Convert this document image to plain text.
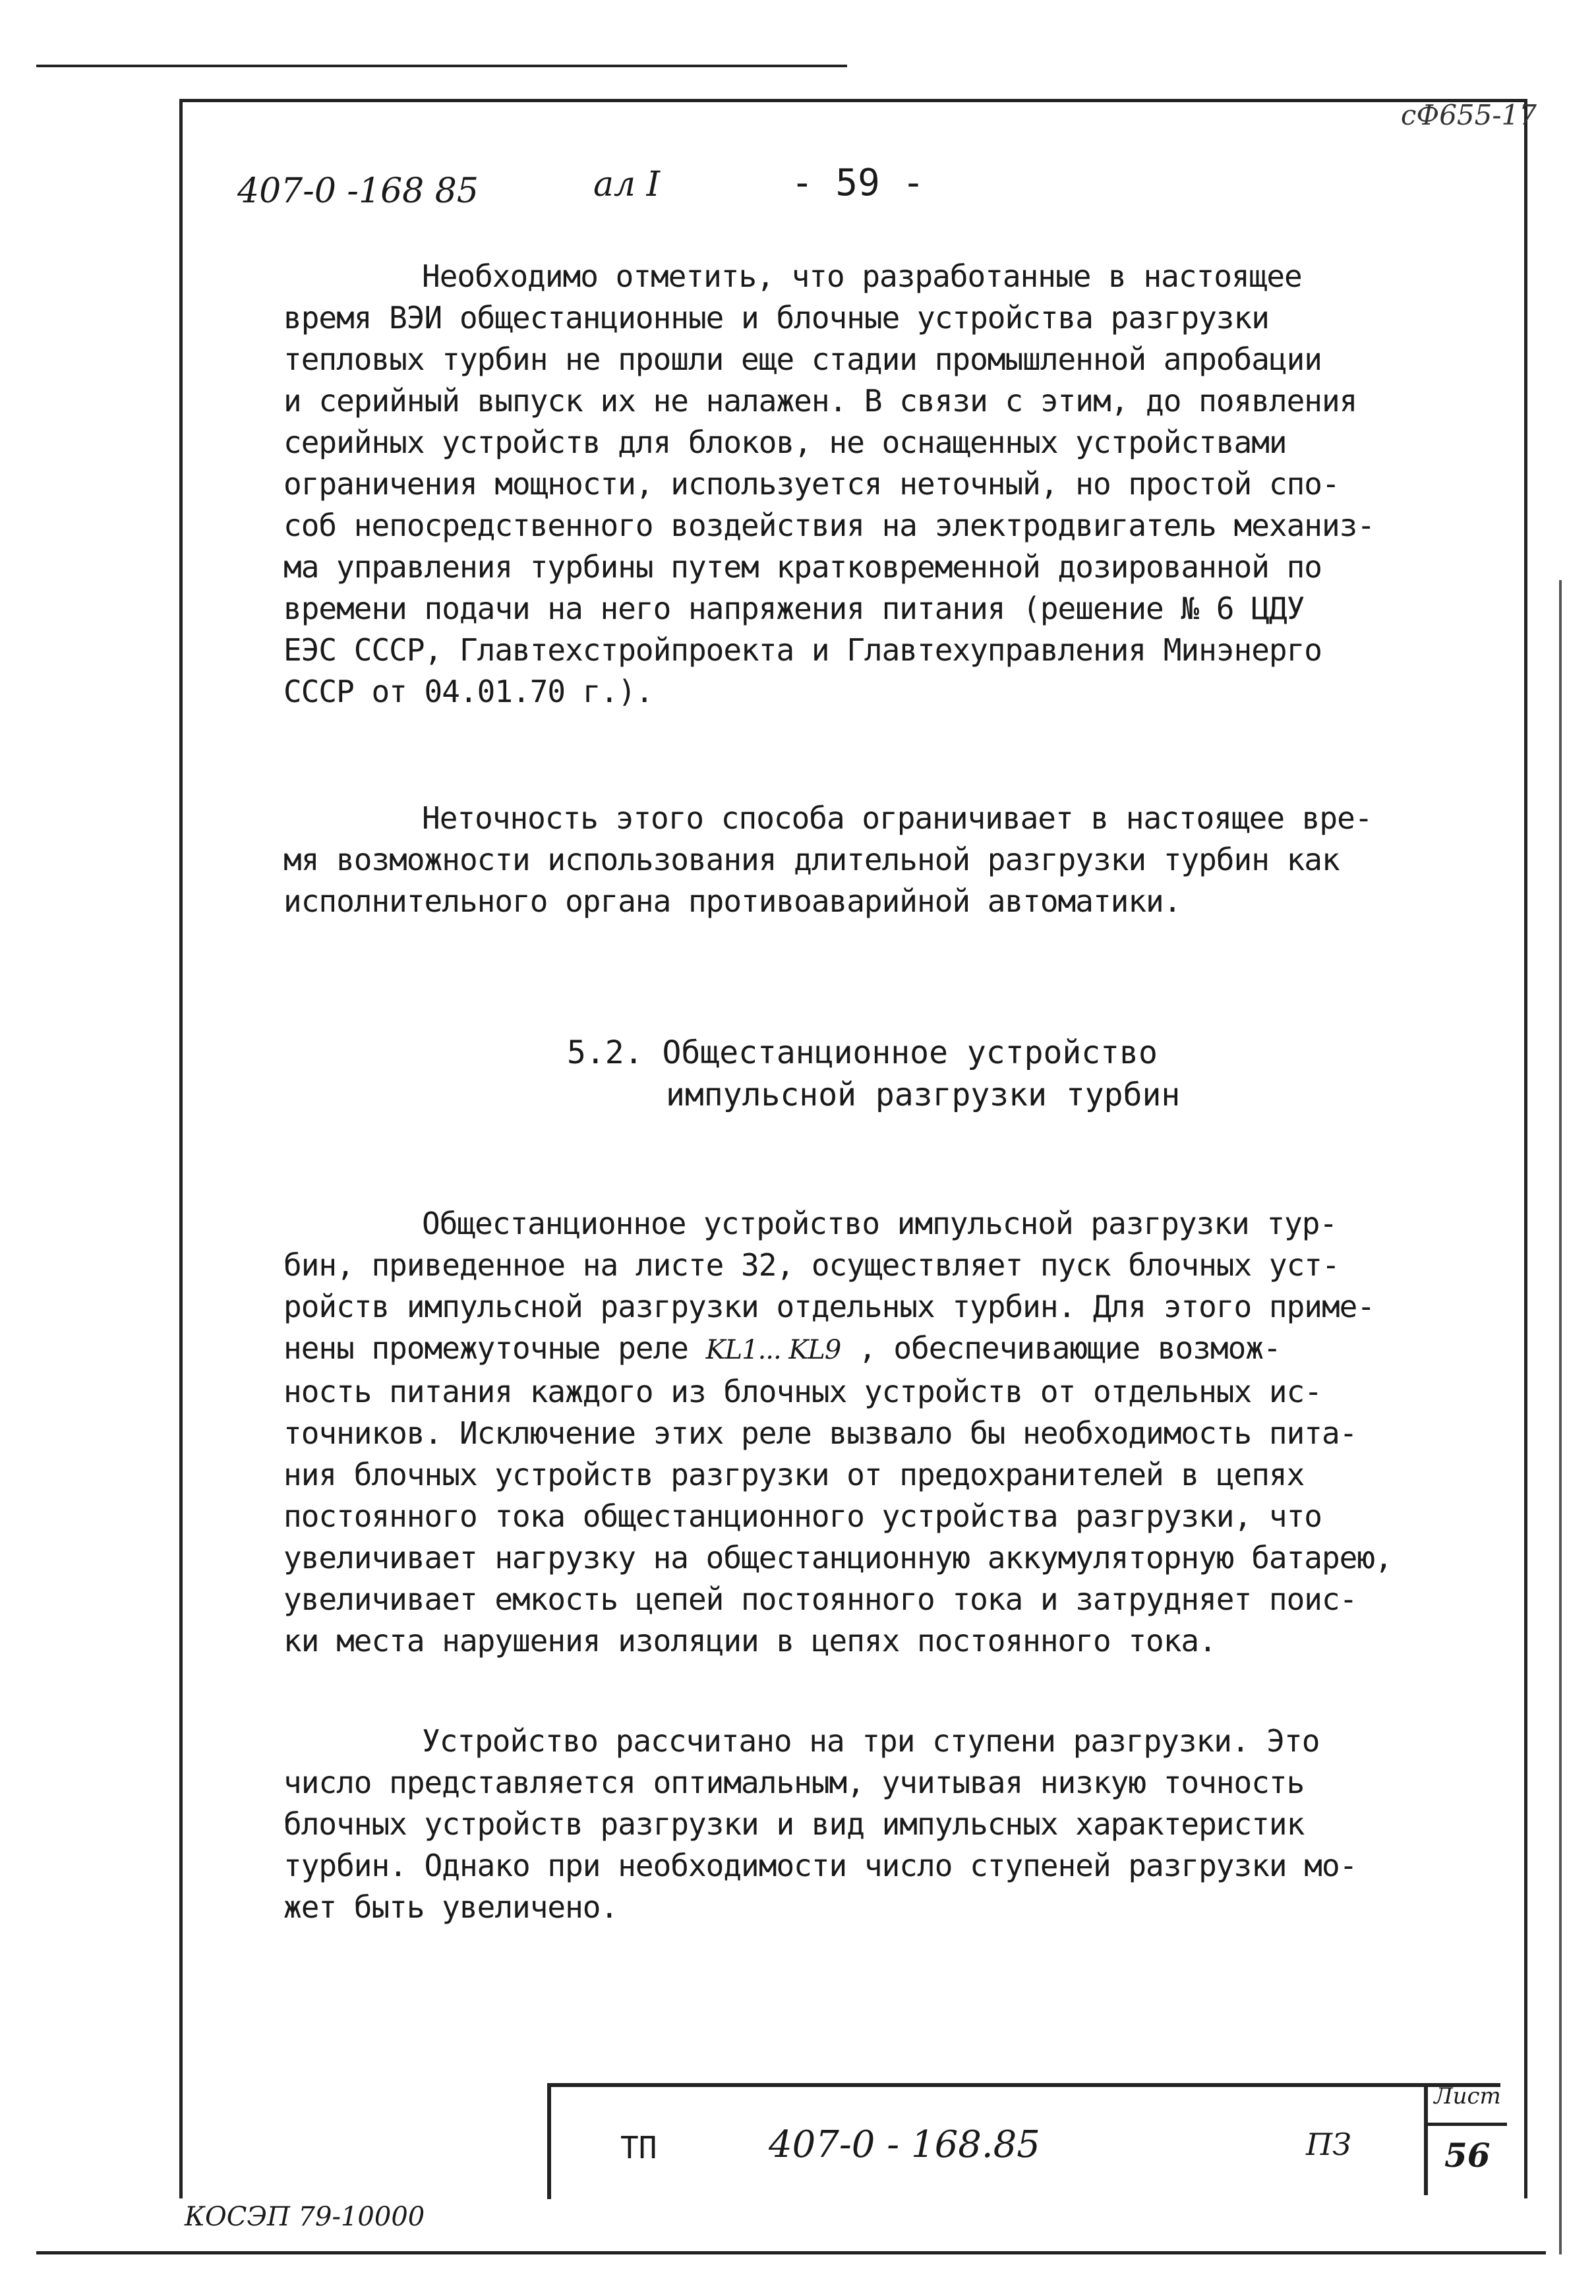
сФ655-17
407-0 -168 85	ал I	- 59 -

Необходимо отметить, что разработанные в настоящее
время ВЭИ общестанционные и блочные устройства разгрузки
тепловых турбин не прошли еще стадии промышленной апробации
и серийный выпуск их не налажен. В связи с этим, до появления
серийных устройств для блоков, не оснащенных устройствами
ограничения мощности, используется неточный, но простой спо-
соб непосредственного воздействия на электродвигатель механиз-
ма управления турбины путем кратковременной дозированной по
времени подачи на него напряжения питания (решение № 6 ЦДУ
ЕЭС СССР, Главтехстройпроекта и Главтехуправления Минэнерго
СССР от 04.01.70 г.).

Неточность этого способа ограничивает в настоящее вре-
мя возможности использования длительной разгрузки турбин как
исполнительного органа противоаварийной автоматики.

5.2. Общестанционное устройство
импульсной разгрузки турбин

Общестанционное устройство импульсной разгрузки тур-
бин, приведенное на листе 32, осуществляет пуск блочных уст-
ройств импульсной разгрузки отдельных турбин. Для этого приме-
нены промежуточные реле KL1... KL9 , обеспечивающие возмож-
ность питания каждого из блочных устройств от отдельных ис-
точников. Исключение этих реле вызвало бы необходимость пита-
ния блочных устройств разгрузки от предохранителей в цепях
постоянного тока общестанционного устройства разгрузки, что
увеличивает нагрузку на общестанционную аккумуляторную батарею,
увеличивает емкость цепей постоянного тока и затрудняет поис-
ки места нарушения изоляции в цепях постоянного тока.

Устройство рассчитано на три ступени разгрузки. Это
число представляется оптимальным, учитывая низкую точность
блочных устройств разгрузки и вид импульсных характеристик
турбин. Однако при необходимости число ступеней разгрузки мо-
жет быть увеличено.

ТП	407-0 - 168.85	ПЗ
Лист
56
КОСЭП 79-10000
